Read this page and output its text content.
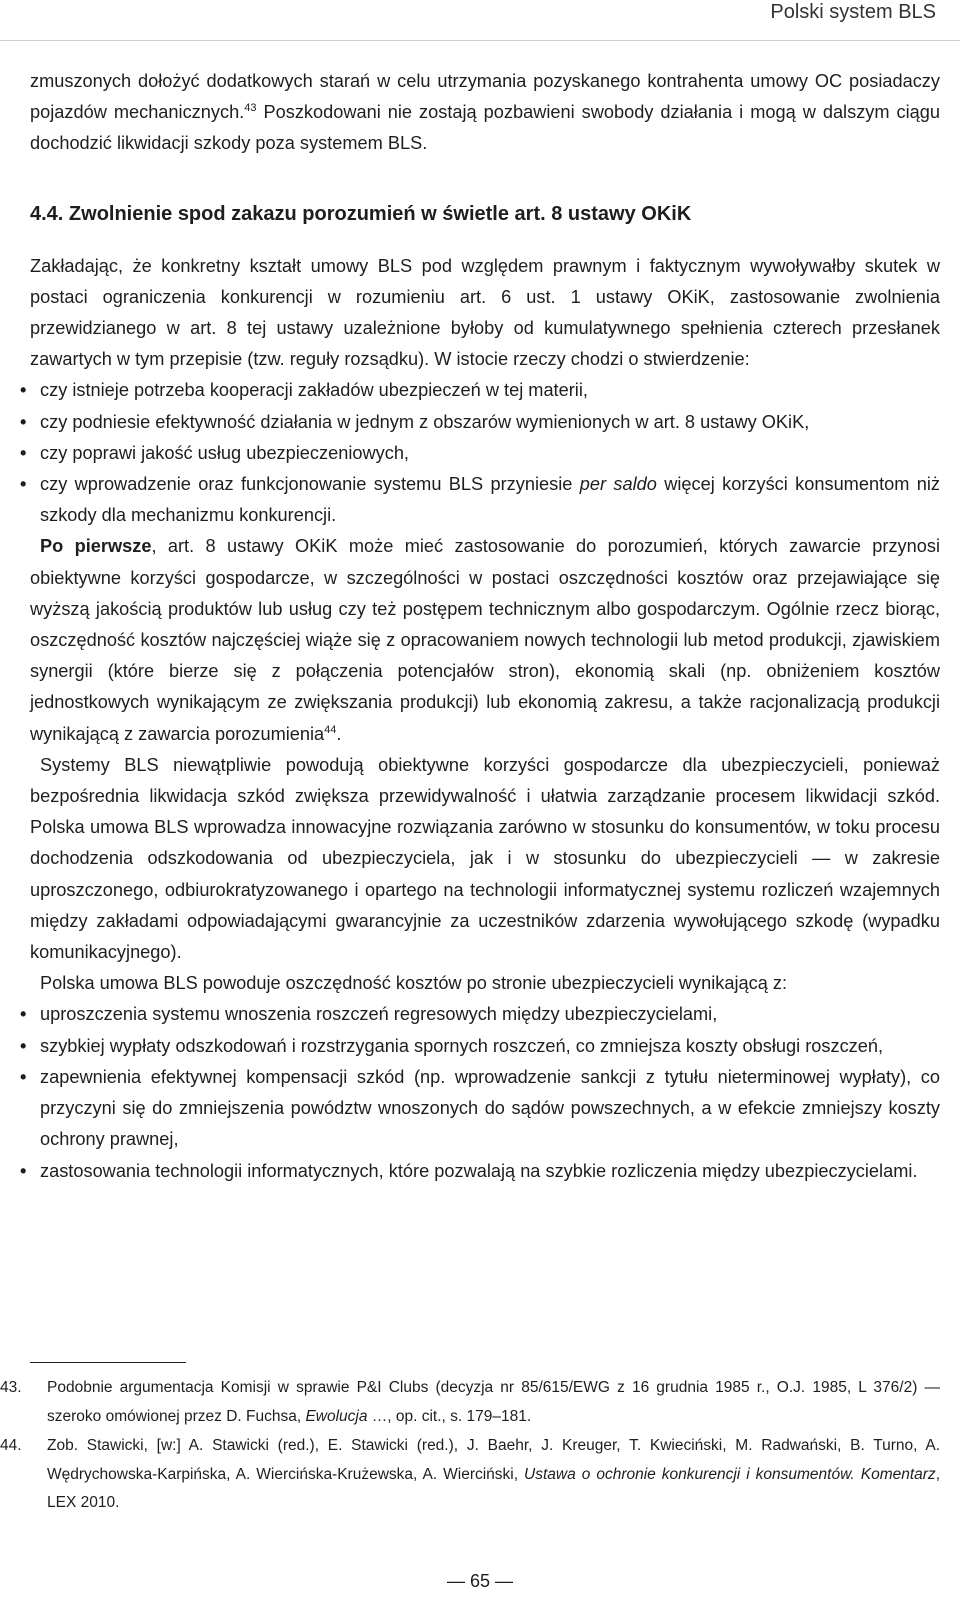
Polski system BLS

zmuszonych dołożyć dodatkowych starań w celu utrzymania pozyskanego kontrahenta umowy OC posiadaczy pojazdów mechanicznych.$^{43}$ Poszkodowani nie zostają pozbawieni swobody działania i mogą w dalszym ciągu dochodzić likwidacji szkody poza systemem BLS.

4.4. Zwolnienie spod zakazu porozumień w świetle art. 8 ustawy OKiK

Zakładając, że konkretny kształt umowy BLS pod względem prawnym i faktycznym wywoływałby skutek w postaci ograniczenia konkurencji w rozumieniu art. 6 ust. 1 ustawy OKiK, zastosowanie zwolnienia przewidzianego w art. 8 tej ustawy uzależnione byłoby od kumulatywnego spełnienia czterech przesłanek zawartych w tym przepisie (tzw. reguły rozsądku). W istocie rzeczy chodzi o stwierdzenie:

• czy istnieje potrzeba kooperacji zakładów ubezpieczeń w tej materii,
• czy podniesie efektywność działania w jednym z obszarów wymienionych w art. 8 ustawy OKiK,
• czy poprawi jakość usług ubezpieczeniowych,
• czy wprowadzenie oraz funkcjonowanie systemu BLS przyniesie per saldo więcej korzyści konsumentom niż szkody dla mechanizmu konkurencji.

Po pierwsze, art. 8 ustawy OKiK może mieć zastosowanie do porozumień, których zawarcie przynosi obiektywne korzyści gospodarcze, w szczególności w postaci oszczędności kosztów oraz przejawiające się wyższą jakością produktów lub usług czy też postępem technicznym albo gospodarczym. Ogólnie rzecz biorąc, oszczędność kosztów najczęściej wiąże się z opracowaniem nowych technologii lub metod produkcji, zjawiskiem synergii (które bierze się z połączenia potencjałów stron), ekonomią skali (np. obniżeniem kosztów jednostkowych wynikającym ze zwiększania produkcji) lub ekonomią zakresu, a także racjonalizacją produkcji wynikającą z zawarcia porozumienia$^{44}$.

Systemy BLS niewątpliwie powodują obiektywne korzyści gospodarcze dla ubezpieczycieli, ponieważ bezpośrednia likwidacja szkód zwiększa przewidywalność i ułatwia zarządzanie procesem likwidacji szkód. Polska umowa BLS wprowadza innowacyjne rozwiązania zarówno w stosunku do konsumentów, w toku procesu dochodzenia odszkodowania od ubezpieczyciela, jak i w stosunku do ubezpieczycieli — w zakresie uproszczonego, odbiurokratyzowanego i opartego na technologii informatycznej systemu rozliczeń wzajemnych między zakładami odpowiadającymi gwarancyjnie za uczestników zdarzenia wywołującego szkodę (wypadku komunikacyjnego).

Polska umowa BLS powoduje oszczędność kosztów po stronie ubezpieczycieli wynikającą z:

• uproszczenia systemu wnoszenia roszczeń regresowych między ubezpieczycielami,
• szybkiej wypłaty odszkodowań i rozstrzygania spornych roszczeń, co zmniejsza koszty obsługi roszczeń,
• zapewnienia efektywnej kompensacji szkód (np. wprowadzenie sankcji z tytułu nieterminowej wypłaty), co przyczyni się do zmniejszenia powództw wnoszonych do sądów powszechnych, a w efekcie zmniejszy koszty ochrony prawnej,
• zastosowania technologii informatycznych, które pozwalają na szybkie rozliczenia między ubezpieczycielami.
43. Podobnie argumentacja Komisji w sprawie P&I Clubs (decyzja nr 85/615/EWG z 16 grudnia 1985 r., O.J. 1985, L 376/2) — szeroko omówionej przez D. Fuchsa, Ewolucja …, op. cit., s. 179–181.
44. Zob. Stawicki, [w:] A. Stawicki (red.), E. Stawicki (red.), J. Baehr, J. Kreuger, T. Kwieciński, M. Radwański, B. Turno, A. Wędrychowska-Karpińska, A. Wiercińska-Krużewska, A. Wierciński, Ustawa o ochronie konkurencji i konsumentów. Komentarz, LEX 2010.
— 65 —
